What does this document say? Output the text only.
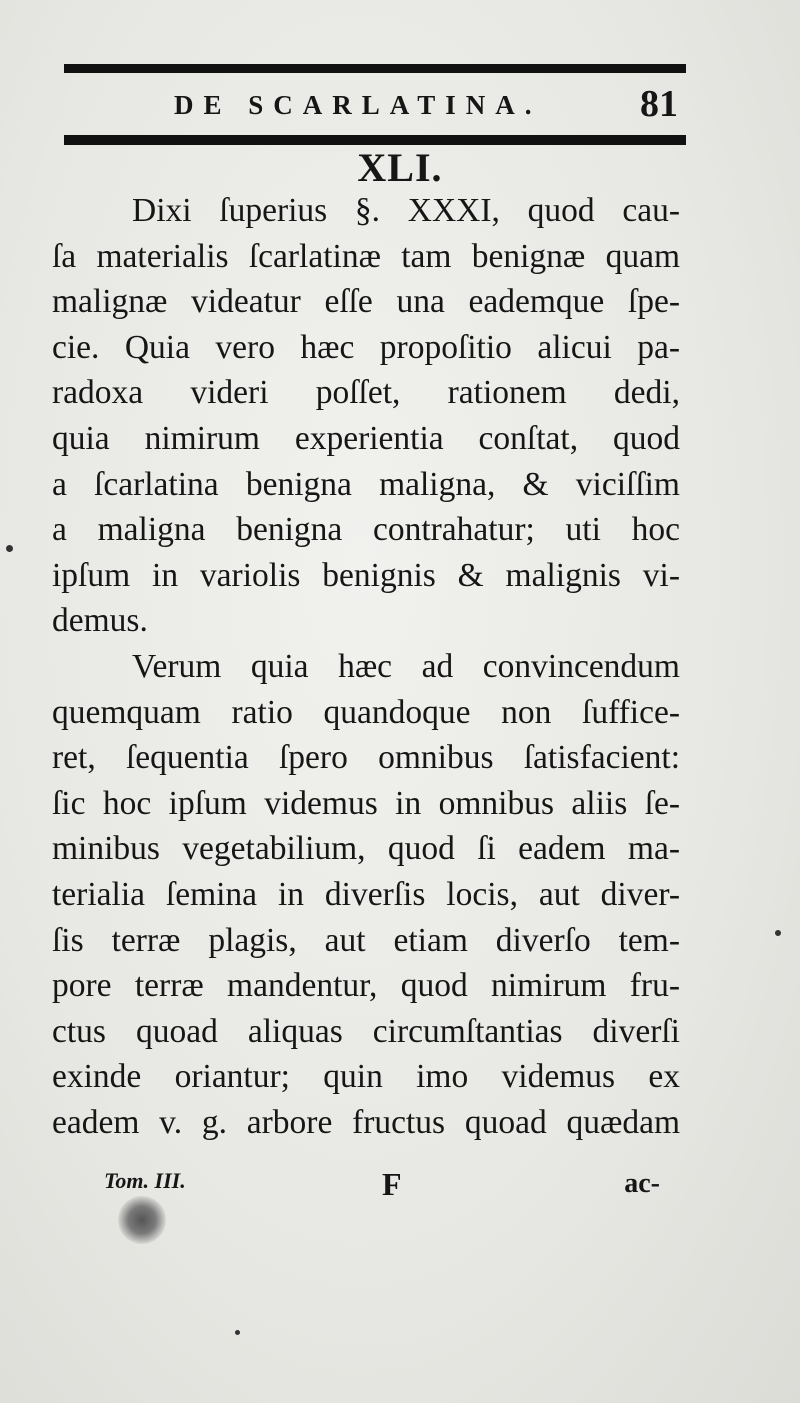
DE SCARLATINA.	81
XLI.
Dixi ſuperius §. XXXI, quod cau-
ſa materialis ſcarlatinæ tam benignæ quam
malignæ videatur eſſe una eademque ſpe-
cie. Quia vero hæc propoſitio alicui pa-
radoxa videri poſſet, rationem dedi,
quia nimirum experientia conſtat, quod
a ſcarlatina benigna maligna, & viciſſim
a maligna benigna contrahatur; uti hoc
ipſum in variolis benignis & malignis vi-
demus.
Verum quia hæc ad convincendum
quemquam ratio quandoque non ſuffice-
ret, ſequentia ſpero omnibus ſatisfacient:
ſic hoc ipſum videmus in omnibus aliis ſe-
minibus vegetabilium, quod ſi eadem ma-
terialia ſemina in diverſis locis, aut diver-
ſis terræ plagis, aut etiam diverſo tem-
pore terræ mandentur, quod nimirum fru-
ctus quoad aliquas circumſtantias diverſi
exinde oriantur; quin imo videmus ex
eadem v. g. arbore fructus quoad quædam
Tom. III.	F	ac-
